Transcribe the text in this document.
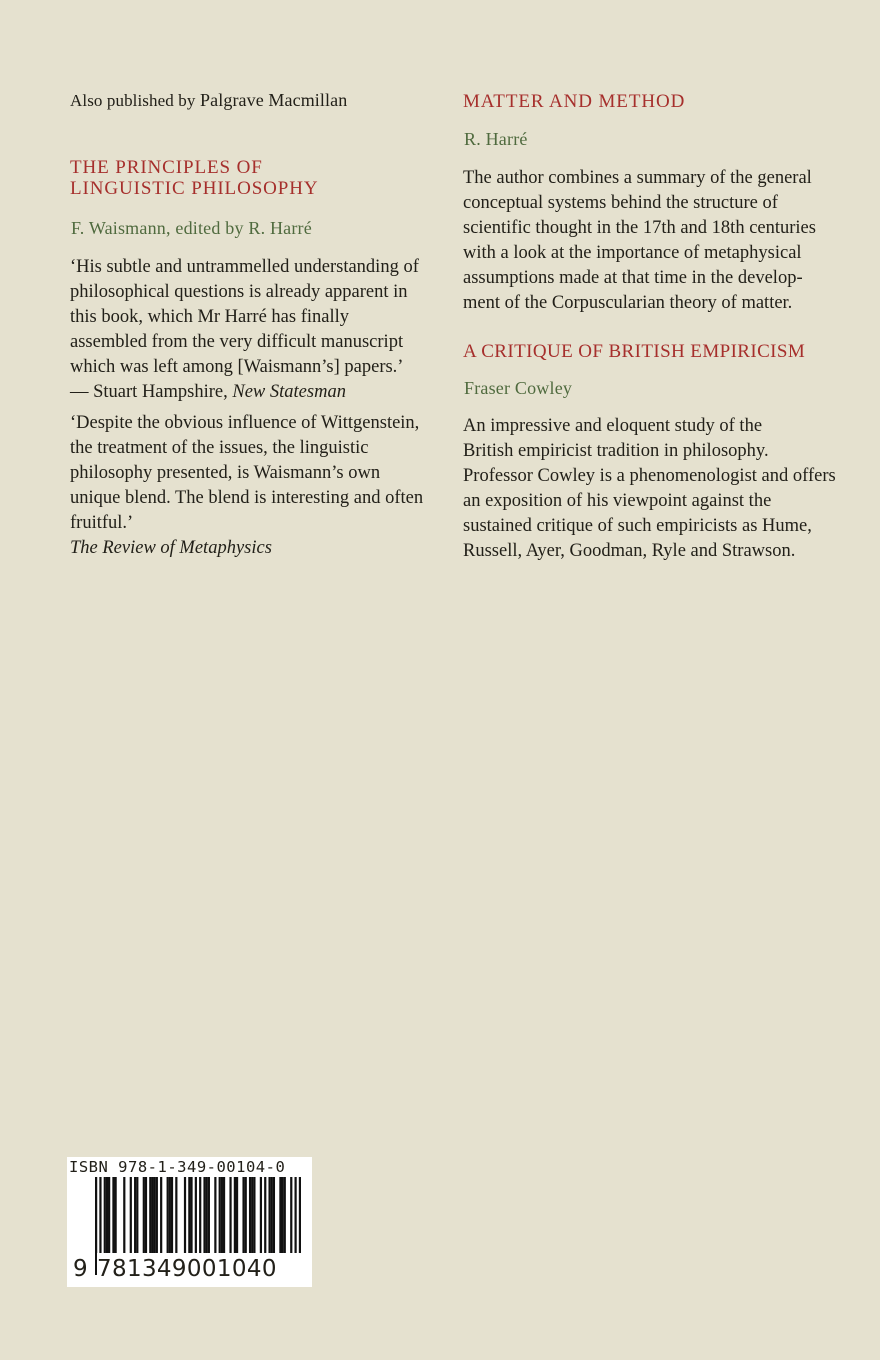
Also published by Palgrave Macmillan
THE PRINCIPLES OF
LINGUISTIC PHILOSOPHY
F. Waismann, edited by R. Harré

‘His subtle and untrammelled understanding of
philosophical questions is already apparent in
this book, which Mr Harré has finally
assembled from the very difficult manuscript
which was left among [Waismann’s] papers.’
— Stuart Hampshire, New Statesman

‘Despite the obvious influence of Wittgenstein,
the treatment of the issues, the linguistic
philosophy presented, is Waismann’s own
unique blend. The blend is interesting and often
fruitful.’
The Review of Metaphysics

MATTER AND METHOD
R. Harré

The author combines a summary of the general
conceptual systems behind the structure of
scientific thought in the 17th and 18th centuries
with a look at the importance of metaphysical
assumptions made at that time in the develop-
ment of the Corpuscularian theory of matter.

A CRITIQUE OF BRITISH EMPIRICISM
Fraser Cowley

An impressive and eloquent study of the
British empiricist tradition in philosophy.
Professor Cowley is a phenomenologist and offers
an exposition of his viewpoint against the
sustained critique of such empiricists as Hume,
Russell, Ayer, Goodman, Ryle and Strawson.

ISBN 978-1-349-00104-0
9 781349001040
